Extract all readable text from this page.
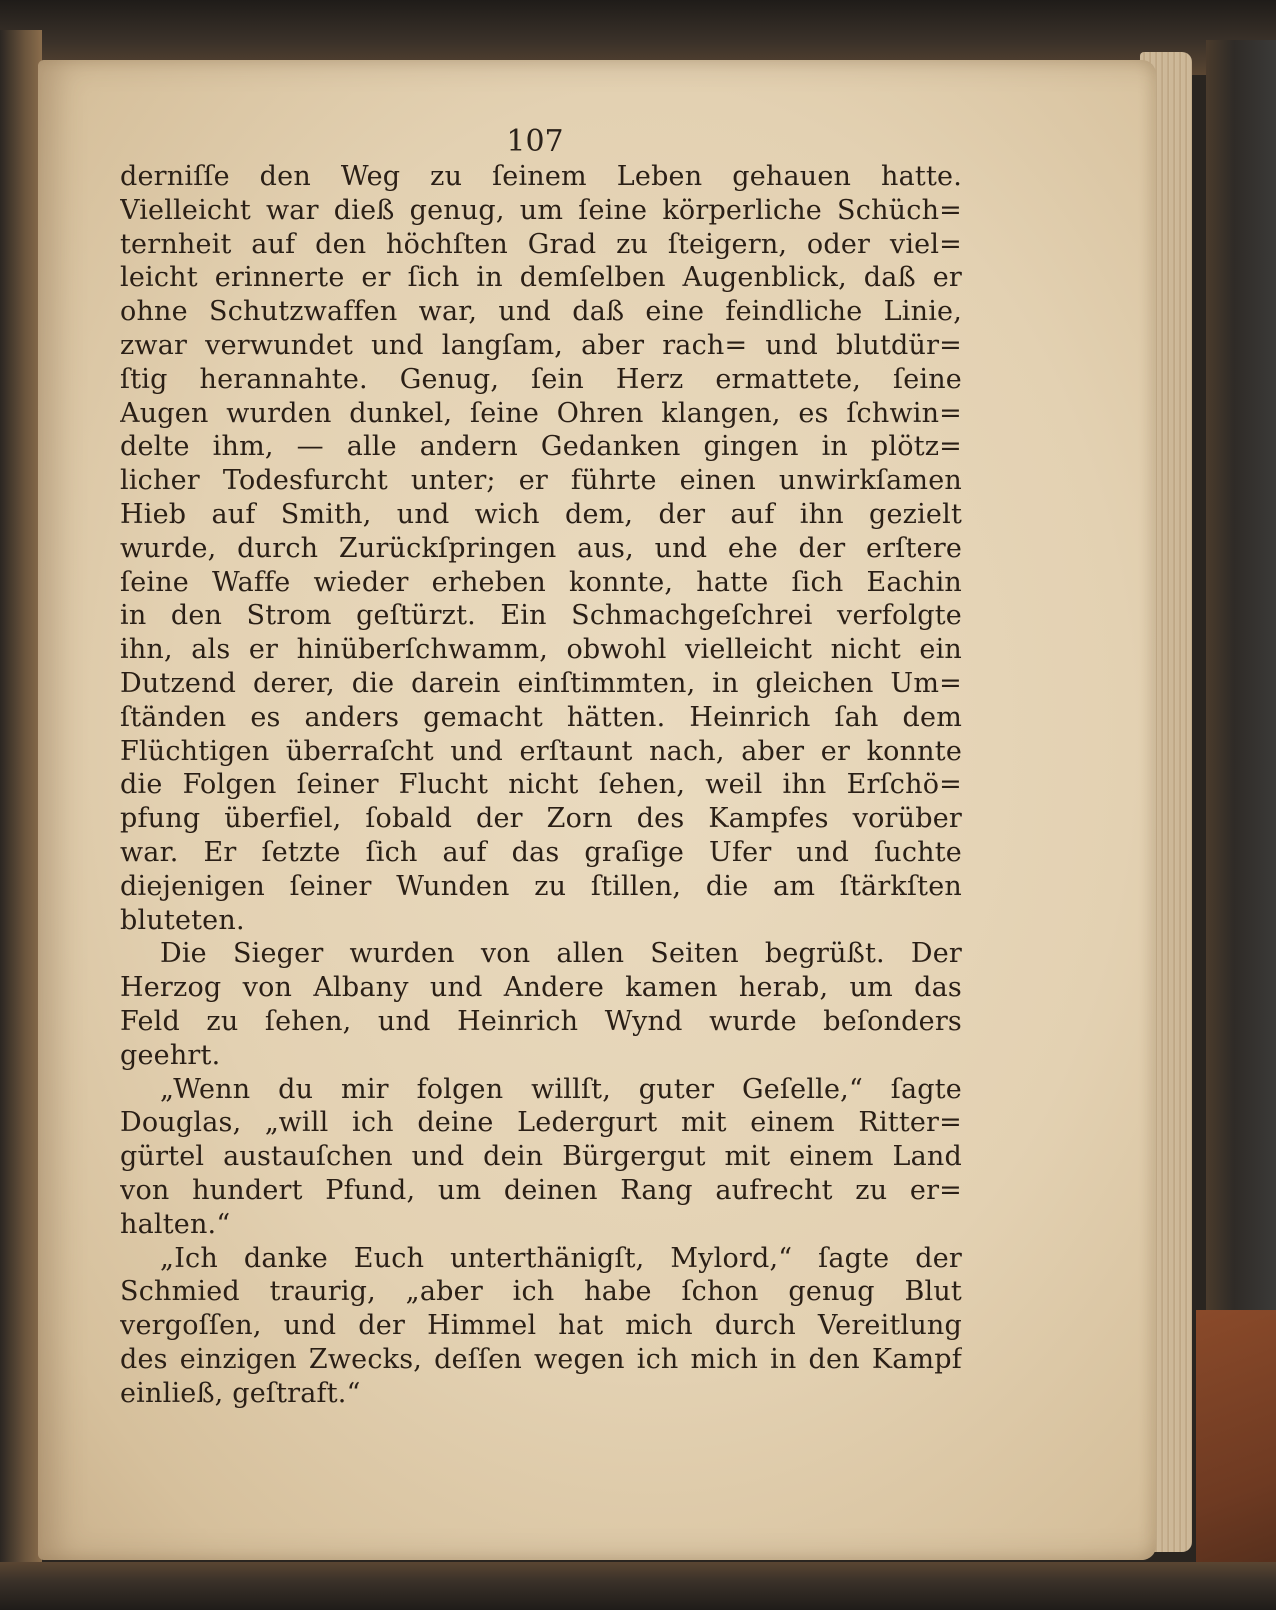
107
derniſſe den Weg zu ſeinem Leben gehauen hatte.
Vielleicht war dieß genug, um ſeine körperliche Schüch=
ternheit auf den höchſten Grad zu ſteigern, oder viel=
leicht erinnerte er ſich in demſelben Augenblick, daß er
ohne Schutzwaffen war, und daß eine feindliche Linie,
zwar verwundet und langſam, aber rach= und blutdür=
ſtig herannahte. Genug, ſein Herz ermattete, ſeine
Augen wurden dunkel, ſeine Ohren klangen, es ſchwin=
delte ihm, — alle andern Gedanken gingen in plötz=
licher Todesfurcht unter; er führte einen unwirkſamen
Hieb auf Smith, und wich dem, der auf ihn gezielt
wurde, durch Zurückſpringen aus, und ehe der erſtere
ſeine Waffe wieder erheben konnte, hatte ſich Eachin
in den Strom geſtürzt. Ein Schmachgeſchrei verfolgte
ihn, als er hinüberſchwamm, obwohl vielleicht nicht ein
Dutzend derer, die darein einſtimmten, in gleichen Um=
ſtänden es anders gemacht hätten. Heinrich ſah dem
Flüchtigen überraſcht und erſtaunt nach, aber er konnte
die Folgen ſeiner Flucht nicht ſehen, weil ihn Erſchö=
pfung überfiel, ſobald der Zorn des Kampfes vorüber
war. Er ſetzte ſich auf das graſige Ufer und ſuchte
diejenigen ſeiner Wunden zu ſtillen, die am ſtärkſten
bluteten.
Die Sieger wurden von allen Seiten begrüßt. Der
Herzog von Albany und Andere kamen herab, um das
Feld zu ſehen, und Heinrich Wynd wurde beſonders
geehrt.
„Wenn du mir folgen willſt, guter Geſelle,“ ſagte
Douglas, „will ich deine Ledergurt mit einem Ritter=
gürtel austauſchen und dein Bürgergut mit einem Land
von hundert Pfund, um deinen Rang aufrecht zu er=
halten.“
„Ich danke Euch unterthänigſt, Mylord,“ ſagte der
Schmied traurig, „aber ich habe ſchon genug Blut
vergoſſen, und der Himmel hat mich durch Vereitlung
des einzigen Zwecks, deſſen wegen ich mich in den Kampf
einließ, geſtraft.“
